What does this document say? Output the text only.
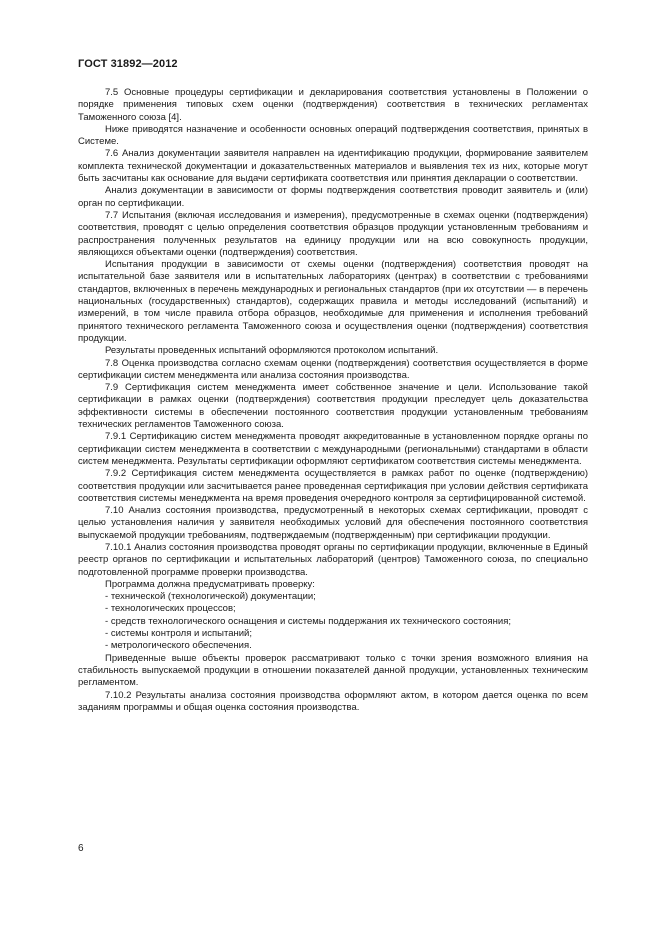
ГОСТ 31892—2012

7.5 Основные процедуры сертификации и декларирования соответствия установлены в Положении о порядке применения типовых схем оценки (подтверждения) соответствия в технических регламентах Таможенного союза [4].

Ниже приводятся назначение и особенности основных операций подтверждения соответствия, принятых в Системе.

7.6 Анализ документации заявителя направлен на идентификацию продукции, формирование заявителем комплекта технической документации и доказательственных материалов и выявления тех из них, которые могут быть засчитаны как основание для выдачи сертификата соответствия или принятия декларации о соответствии.

Анализ документации в зависимости от формы подтверждения соответствия проводит заявитель и (или) орган по сертификации.

7.7 Испытания (включая исследования и измерения), предусмотренные в схемах оценки (подтверждения) соответствия, проводят с целью определения соответствия образцов продукции установленным требованиям и распространения полученных результатов на единицу продукции или на всю совокупность продукции, являющихся объектами оценки (подтверждения) соответствия.

Испытания продукции в зависимости от схемы оценки (подтверждения) соответствия проводят на испытательной базе заявителя или в испытательных лабораториях (центрах) в соответствии с требованиями стандартов, включенных в перечень международных и региональных стандартов (при их отсутствии — в перечень национальных (государственных) стандартов), содержащих правила и методы исследований (испытаний) и измерений, в том числе правила отбора образцов, необходимые для применения и исполнения требований принятого технического регламента Таможенного союза и осуществления оценки (подтверждения) соответствия продукции.

Результаты проведенных испытаний оформляются протоколом испытаний.

7.8 Оценка производства согласно схемам оценки (подтверждения) соответствия осуществляется в форме сертификации систем менеджмента или анализа состояния производства.

7.9 Сертификация систем менеджмента имеет собственное значение и цели. Использование такой сертификации в рамках оценки (подтверждения) соответствия продукции преследует цель доказательства эффективности системы в обеспечении постоянного соответствия продукции установленным требованиям технических регламентов Таможенного союза.

7.9.1 Сертификацию систем менеджмента проводят аккредитованные в установленном порядке органы по сертификации систем менеджмента в соответствии с международными (региональными) стандартами в области систем менеджмента. Результаты сертификации оформляют сертификатом соответствия системы менеджмента.

7.9.2 Сертификация систем менеджмента осуществляется в рамках работ по оценке (подтверждению) соответствия продукции или засчитывается ранее проведенная сертификация при условии действия сертификата соответствия системы менеджмента на время проведения очередного контроля за сертифицированной системой.

7.10 Анализ состояния производства, предусмотренный в некоторых схемах сертификации, проводят с целью установления наличия у заявителя необходимых условий для обеспечения постоянного соответствия выпускаемой продукции требованиям, подтверждаемым (подтвержденным) при сертификации продукции.

7.10.1 Анализ состояния производства проводят органы по сертификации продукции, включенные в Единый реестр органов по сертификации и испытательных лабораторий (центров) Таможенного союза, по специально подготовленной программе проверки производства.

Программа должна предусматривать проверку:

- технической (технологической) документации;
- технологических процессов;
- средств технологического оснащения и системы поддержания их технического состояния;
- системы контроля и испытаний;
- метрологического обеспечения.

Приведенные выше объекты проверок рассматривают только с точки зрения возможного влияния на стабильность выпускаемой продукции в отношении показателей данной продукции, установленных техническим регламентом.

7.10.2 Результаты анализа состояния производства оформляют актом, в котором дается оценка по всем заданиям программы и общая оценка состояния производства.

6
